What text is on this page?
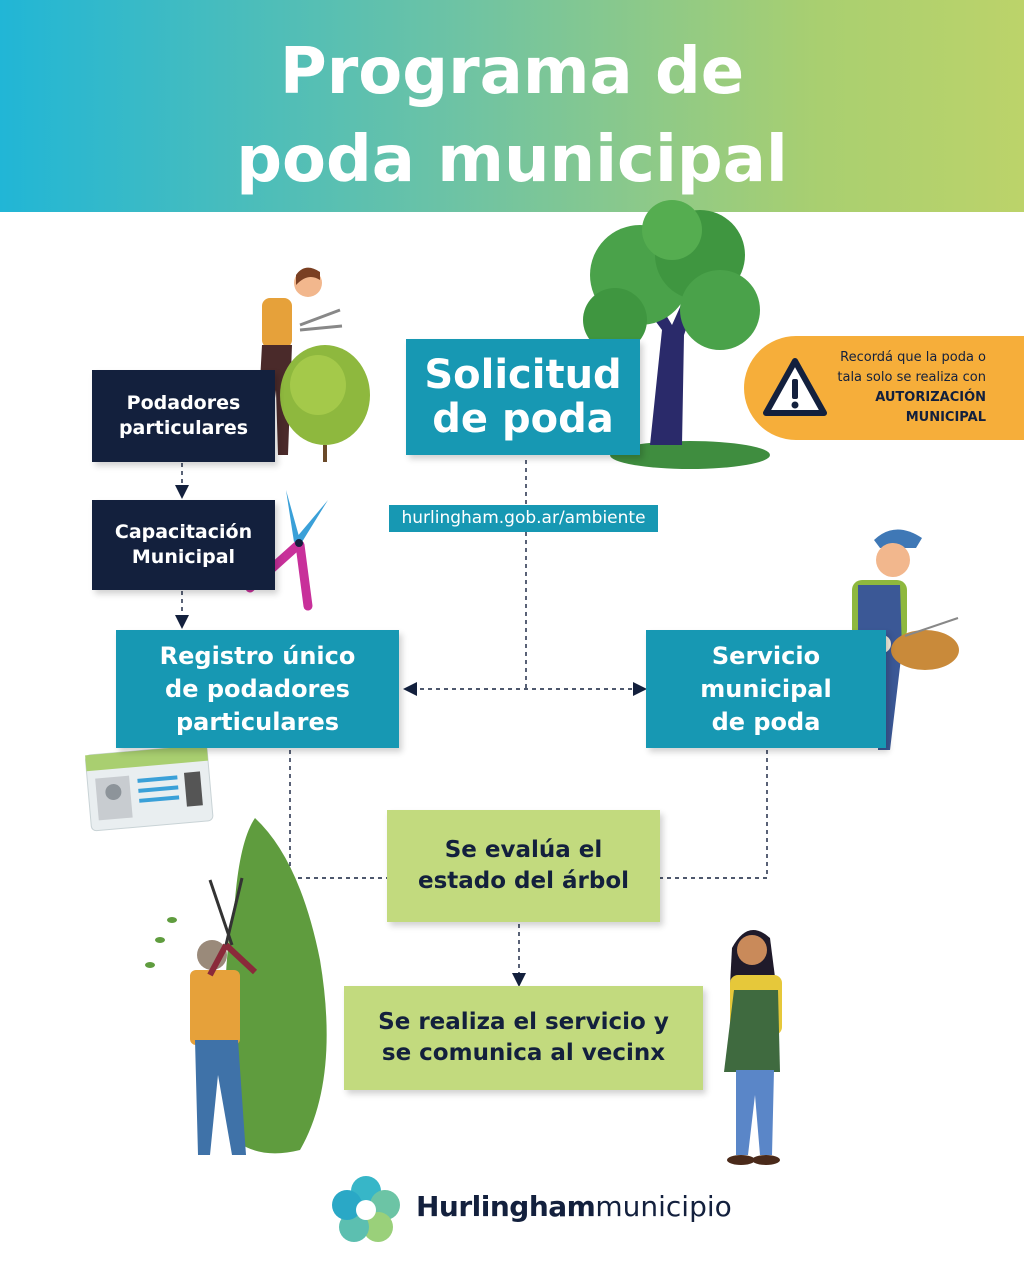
Programa de
poda municipal
Podadores
particulares
Capacitación
Municipal
Solicitud
de poda
hurlingham.gob.ar/ambiente
Recordá que la poda o
tala solo se realiza con
AUTORIZACIÓN
MUNICIPAL
Registro único
de podadores
particulares
Servicio
municipal
de poda
Se evalúa el
estado del árbol
Se realiza el servicio y
se comunica al vecinx
Hurlinghammunicipio
